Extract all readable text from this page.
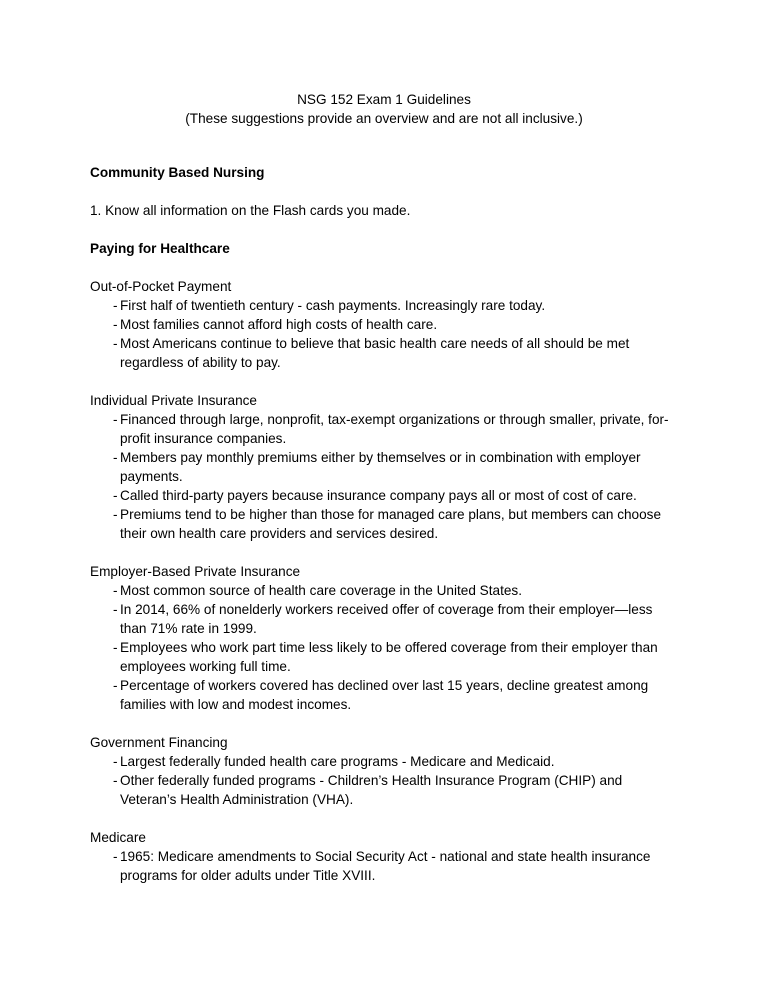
NSG 152 Exam 1 Guidelines
(These suggestions provide an overview and are not all inclusive.)

Community Based Nursing

1. Know all information on the Flash cards you made.

Paying for Healthcare

Out-of-Pocket Payment

- First half of twentieth century - cash payments. Increasingly rare today.
- Most families cannot afford high costs of health care.
- Most Americans continue to believe that basic health care needs of all should be met regardless of ability to pay.

Individual Private Insurance

- Financed through large, nonprofit, tax-exempt organizations or through smaller, private, for-profit insurance companies.
- Members pay monthly premiums either by themselves or in combination with employer payments.
- Called third-party payers because insurance company pays all or most of cost of care.
- Premiums tend to be higher than those for managed care plans, but members can choose their own health care providers and services desired.

Employer-Based Private Insurance

- Most common source of health care coverage in the United States.
- In 2014, 66% of nonelderly workers received offer of coverage from their employer—less than 71% rate in 1999.
- Employees who work part time less likely to be offered coverage from their employer than employees working full time.
- Percentage of workers covered has declined over last 15 years, decline greatest among families with low and modest incomes.

Government Financing

- Largest federally funded health care programs - Medicare and Medicaid.
- Other federally funded programs - Children’s Health Insurance Program (CHIP) and Veteran’s Health Administration (VHA).

Medicare

- 1965: Medicare amendments to Social Security Act - national and state health insurance programs for older adults under Title XVIII.
